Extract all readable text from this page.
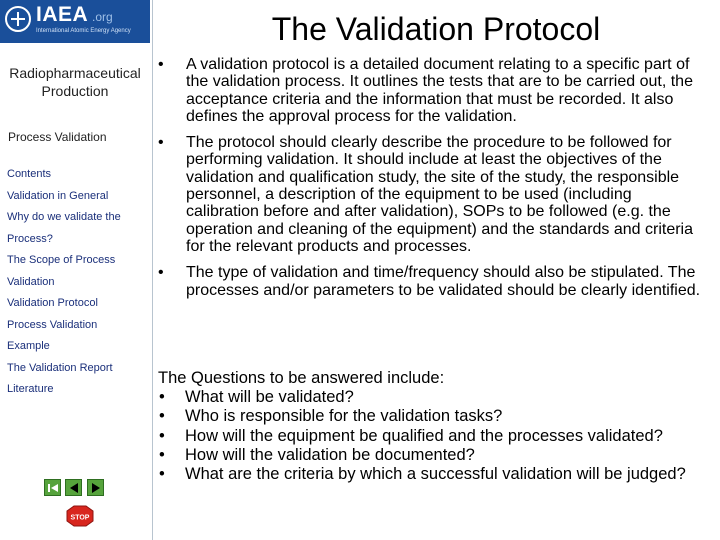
IAEA .org
International Atomic Energy Agency
Radiopharmaceutical Production
Process Validation
Contents
Validation in General
Why do we validate the
Process?
The Scope of Process
Validation
Validation Protocol
Process Validation
Example
The Validation Report
Literature
STOP
The Validation Protocol
•	A validation protocol is a detailed document relating to a specific part of the validation process. It outlines the tests that are to be carried out, the acceptance criteria and the information that must be recorded. It also defines the approval process for the validation.
•	The protocol should clearly describe the procedure to be followed for performing validation. It should include at least the objectives of the validation and qualification study, the site of the study, the responsible personnel, a description of the equipment to be used (including calibration before and after validation), SOPs to be followed (e.g. the operation and cleaning of the equipment) and the standards and criteria for the relevant products and processes.
•	The type of validation and time/frequency should also be stipulated. The processes and/or parameters to be validated should be clearly identified.
The Questions to be answered include:
• What will be validated?
• Who is responsible for the validation tasks?
• How will the equipment be qualified and the processes validated?
• How will the validation be documented?
• What are the criteria by which a successful validation will be judged?
